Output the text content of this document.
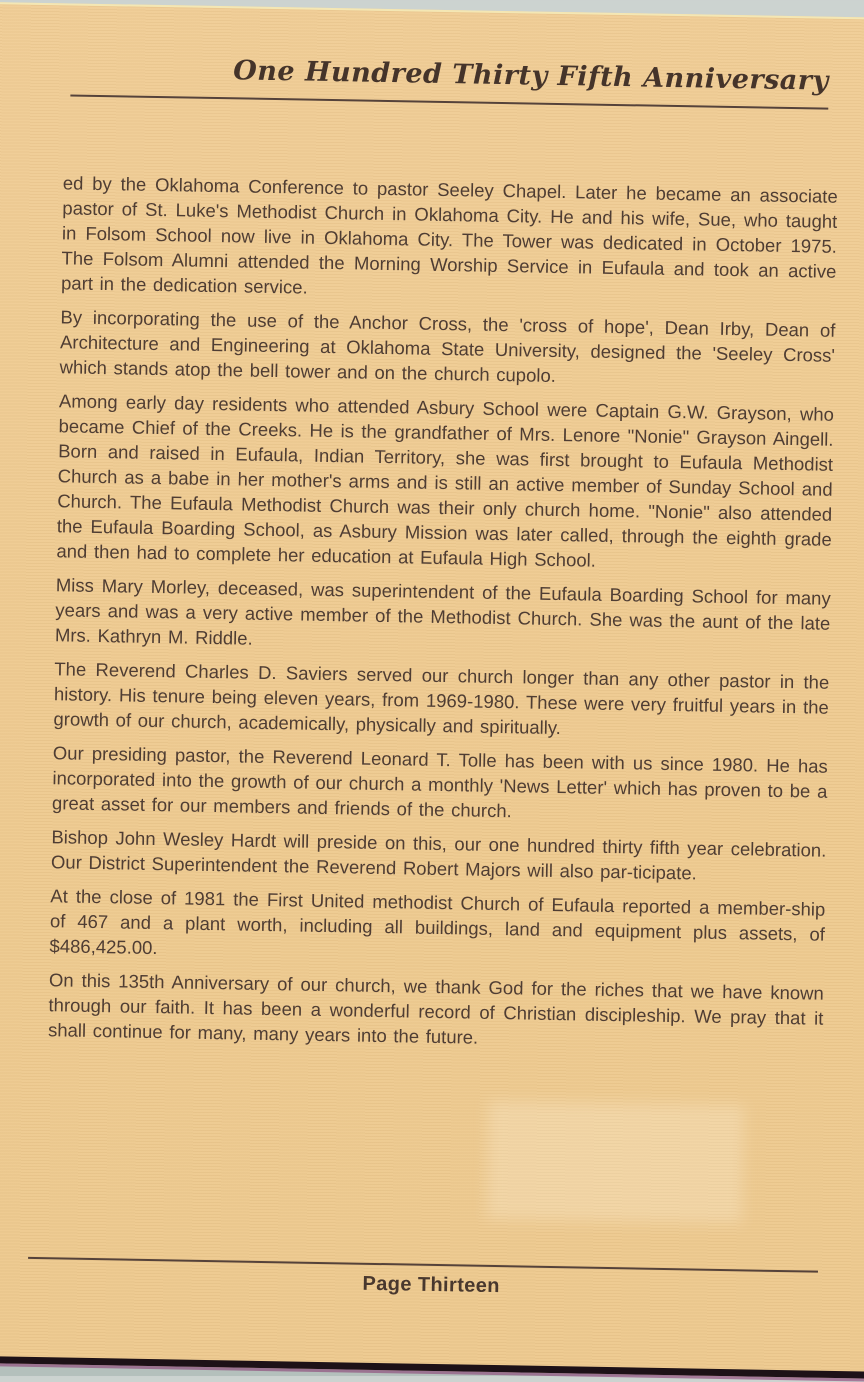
One Hundred Thirty Fifth Anniversary

ed by the Oklahoma Conference to pastor Seeley Chapel. Later he became an associate pastor of St. Luke's Methodist Church in Oklahoma City. He and his wife, Sue, who taught in Folsom School now live in Oklahoma City. The Tower was dedicated in October 1975. The Folsom Alumni attended the Morning Worship Service in Eufaula and took an active part in the dedication service.

By incorporating the use of the Anchor Cross, the 'cross of hope', Dean Irby, Dean of Architecture and Engineering at Oklahoma State University, designed the 'Seeley Cross' which stands atop the bell tower and on the church cupolo.

Among early day residents who attended Asbury School were Captain G.W. Grayson, who became Chief of the Creeks. He is the grandfather of Mrs. Lenore "Nonie" Grayson Aingell. Born and raised in Eufaula, Indian Territory, she was first brought to Eufaula Methodist Church as a babe in her mother's arms and is still an active member of Sunday School and Church. The Eufaula Methodist Church was their only church home. "Nonie" also attended the Eufaula Boarding School, as Asbury Mission was later called, through the eighth grade and then had to complete her education at Eufaula High School.

Miss Mary Morley, deceased, was superintendent of the Eufaula Boarding School for many years and was a very active member of the Methodist Church. She was the aunt of the late Mrs. Kathryn M. Riddle.

The Reverend Charles D. Saviers served our church longer than any other pastor in the history. His tenure being eleven years, from 1969-1980. These were very fruitful years in the growth of our church, academically, physically and spiritually.

Our presiding pastor, the Reverend Leonard T. Tolle has been with us since 1980. He has incorporated into the growth of our church a monthly 'News Letter' which has proven to be a great asset for our members and friends of the church.

Bishop John Wesley Hardt will preside on this, our one hundred thirty fifth year celebration. Our District Superintendent the Reverend Robert Majors will also par-ticipate.

At the close of 1981 the First United methodist Church of Eufaula reported a member-ship of 467 and a plant worth, including all buildings, land and equipment plus assets, of $486,425.00.

On this 135th Anniversary of our church, we thank God for the riches that we have known through our faith. It has been a wonderful record of Christian discipleship. We pray that it shall continue for many, many years into the future.

Page Thirteen
